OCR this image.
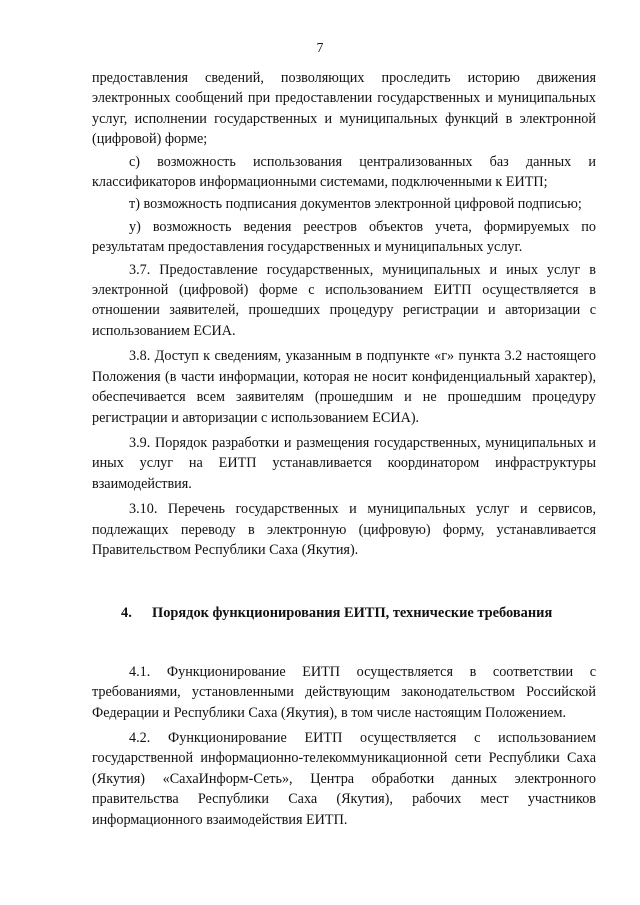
7

предоставления сведений, позволяющих проследить историю движения электронных сообщений при предоставлении государственных и муниципальных услуг, исполнении государственных и муниципальных функций в электронной (цифровой) форме;

с) возможность использования централизованных баз данных и классификаторов информационными системами, подключенными к ЕИТП;

т) возможность подписания документов электронной цифровой подписью;

у) возможность ведения реестров объектов учета, формируемых по результатам предоставления государственных и муниципальных услуг.

3.7. Предоставление государственных, муниципальных и иных услуг в электронной (цифровой) форме с использованием ЕИТП осуществляется в отношении заявителей, прошедших процедуру регистрации и авторизации с использованием ЕСИА.

3.8. Доступ к сведениям, указанным в подпункте «г» пункта 3.2 настоящего Положения (в части информации, которая не носит конфиденциальный характер), обеспечивается всем заявителям (прошедшим и не прошедшим процедуру регистрации и авторизации с использованием ЕСИА).

3.9. Порядок разработки и размещения государственных, муниципальных и иных услуг на ЕИТП устанавливается координатором инфраструктуры взаимодействия.

3.10. Перечень государственных и муниципальных услуг и сервисов, подлежащих переводу в электронную (цифровую) форму, устанавливается Правительством Республики Саха (Якутия).

4. Порядок функционирования ЕИТП, технические требования

4.1. Функционирование ЕИТП осуществляется в соответствии с требованиями, установленными действующим законодательством Российской Федерации и Республики Саха (Якутия), в том числе настоящим Положением.

4.2. Функционирование ЕИТП осуществляется с использованием государственной информационно-телекоммуникационной сети Республики Саха (Якутия) «СахаИнформ-Сеть», Центра обработки данных электронного правительства Республики Саха (Якутия), рабочих мест участников информационного взаимодействия ЕИТП.
